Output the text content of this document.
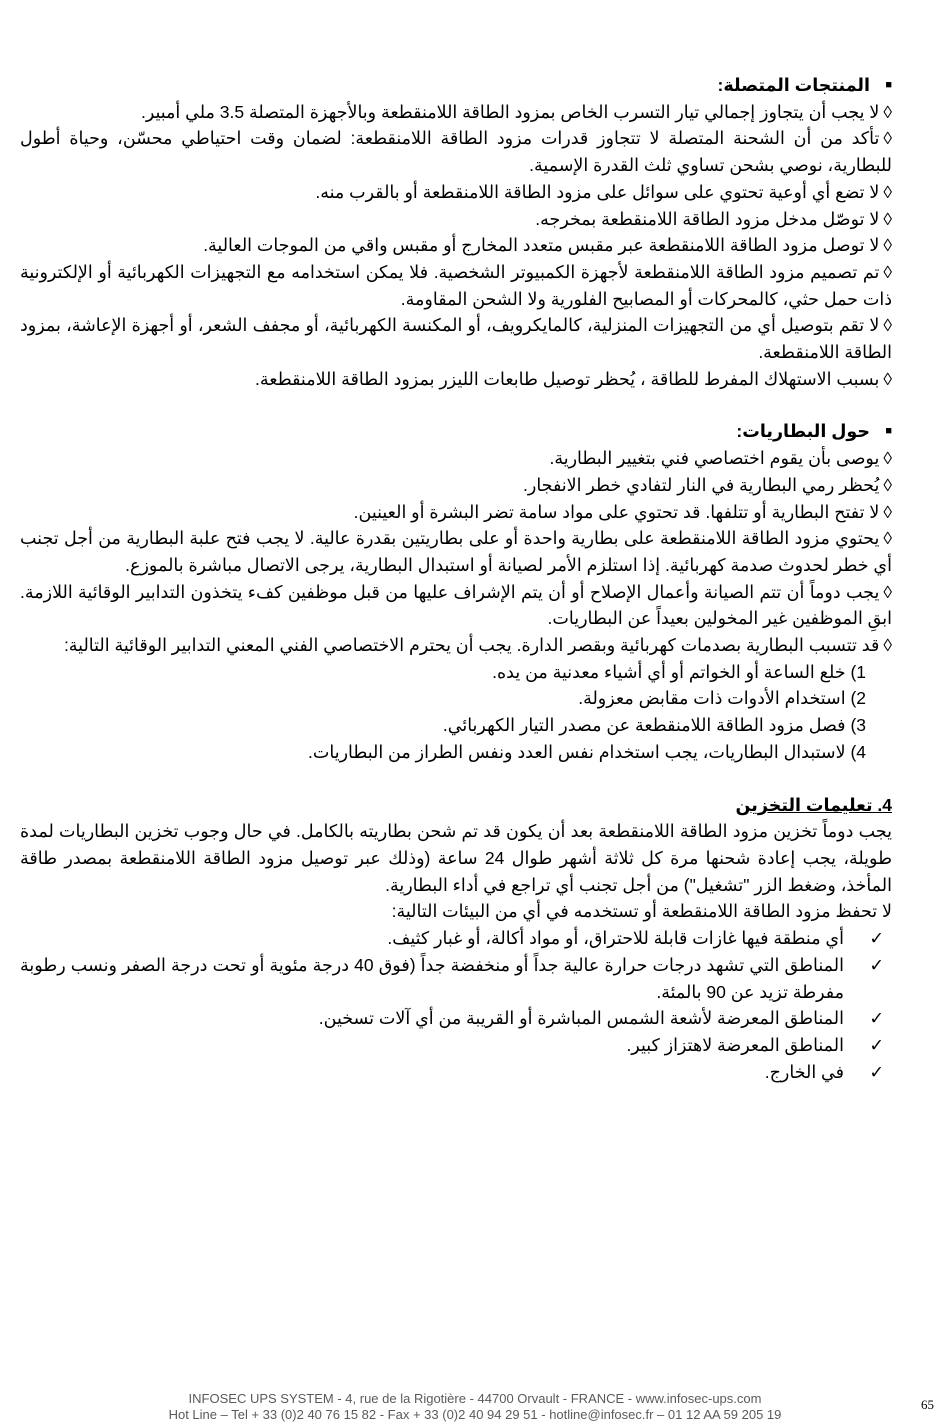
■
المنتجات المتصلة:
◊ لا يجب أن يتجاوز إجمالي تيار التسرب الخاص بمزود الطاقة اللامنقطعة وبالأجهزة المتصلة 3.5 ملي أمبير.
◊ تأكد من أن الشحنة المتصلة لا تتجاوز قدرات مزود الطاقة اللامنقطعة: لضمان وقت احتياطي محسّن، وحياة أطول للبطارية، نوصي بشحن تساوي ثلث القدرة الإسمية.
◊ لا تضع أي أوعية تحتوي على سوائل على مزود الطاقة اللامنقطعة أو بالقرب منه.
◊ لا توصّل مدخل مزود الطاقة اللامنقطعة بمخرجه.
◊ لا توصل مزود الطاقة اللامنقطعة عبر مقبس متعدد المخارج أو مقبس واقي من الموجات العالية.
◊ تم تصميم مزود الطاقة اللامنقطعة لأجهزة الكمبيوتر الشخصية. فلا يمكن استخدامه مع التجهيزات الكهربائية أو الإلكترونية ذات حمل حثي، كالمحركات أو المصابيح الفلورية ولا الشحن المقاومة.
◊ لا تقم بتوصيل أي من التجهيزات المنزلية، كالمايكرويف، أو المكنسة الكهربائية، أو مجفف الشعر، أو أجهزة الإعاشة، بمزود الطاقة اللامنقطعة.
◊ بسبب الاستهلاك المفرط للطاقة ، يُحظر توصيل طابعات الليزر بمزود الطاقة اللامنقطعة.
■
حول البطاريات:
◊ يوصى بأن يقوم اختصاصي فني بتغيير البطارية.
◊ يُحظر رمي البطارية في النار لتفادي خطر الانفجار.
◊ لا تفتح البطارية أو تتلفها. قد تحتوي على مواد سامة تضر البشرة أو العينين.
◊ يحتوي مزود الطاقة اللامنقطعة على بطارية واحدة أو على بطاريتين بقدرة عالية. لا يجب فتح علبة البطارية من أجل تجنب أي خطر لحدوث صدمة كهربائية. إذا استلزم الأمر لصيانة أو استبدال البطارية، يرجى الاتصال مباشرة بالموزع.
◊ يجب دوماً أن تتم الصيانة وأعمال الإصلاح أو أن يتم الإشراف عليها من قبل موظفين كفء يتخذون التدابير الوقائية اللازمة. ابقِ الموظفين غير المخولين بعيداً عن البطاريات.
◊ قد تتسبب البطارية بصدمات كهربائية وبقصر الدارة. يجب أن يحترم الاختصاصي الفني المعني التدابير الوقائية التالية:
1) خلع الساعة أو الخواتم أو أي أشياء معدنية من يده.
2) استخدام الأدوات ذات مقابض معزولة.
3) فصل مزود الطاقة اللامنقطعة عن مصدر التيار الكهربائي.
4) لاستبدال البطاريات، يجب استخدام نفس العدد ونفس الطراز من البطاريات.
4. تعليمات التخزين
يجب دوماً تخزين مزود الطاقة اللامنقطعة بعد أن يكون قد تم شحن بطاريته بالكامل. في حال وجوب تخزين البطاريات لمدة طويلة، يجب إعادة شحنها مرة كل ثلاثة أشهر طوال 24 ساعة (وذلك عبر توصيل مزود الطاقة اللامنقطعة بمصدر طاقة المأخذ، وضغط الزر "تشغيل") من أجل تجنب أي تراجع في أداء البطارية.
لا تحفظ مزود الطاقة اللامنقطعة أو تستخدمه في أي من البيئات التالية:
✓
أي منطقة فيها غازات قابلة للاحتراق، أو مواد أكالة، أو غبار كثيف.
✓
المناطق التي تشهد درجات حرارة عالية جداً أو منخفضة جداً (فوق 40 درجة مئوية أو تحت درجة الصفر ونسب رطوبة مفرطة تزيد عن 90 بالمئة.
✓
المناطق المعرضة لأشعة الشمس المباشرة أو القريبة من أي آلات تسخين.
✓
المناطق المعرضة لاهتزاز كبير.
✓
في الخارج.
INFOSEC UPS SYSTEM - 4, rue de la Rigotière - 44700 Orvault - FRANCE - www.infosec-ups.com
Hot Line – Tel + 33 (0)2 40 76 15 82 - Fax + 33 (0)2 40 94 29 51 - hotline@infosec.fr – 01 12 AA 59 205 19
65
